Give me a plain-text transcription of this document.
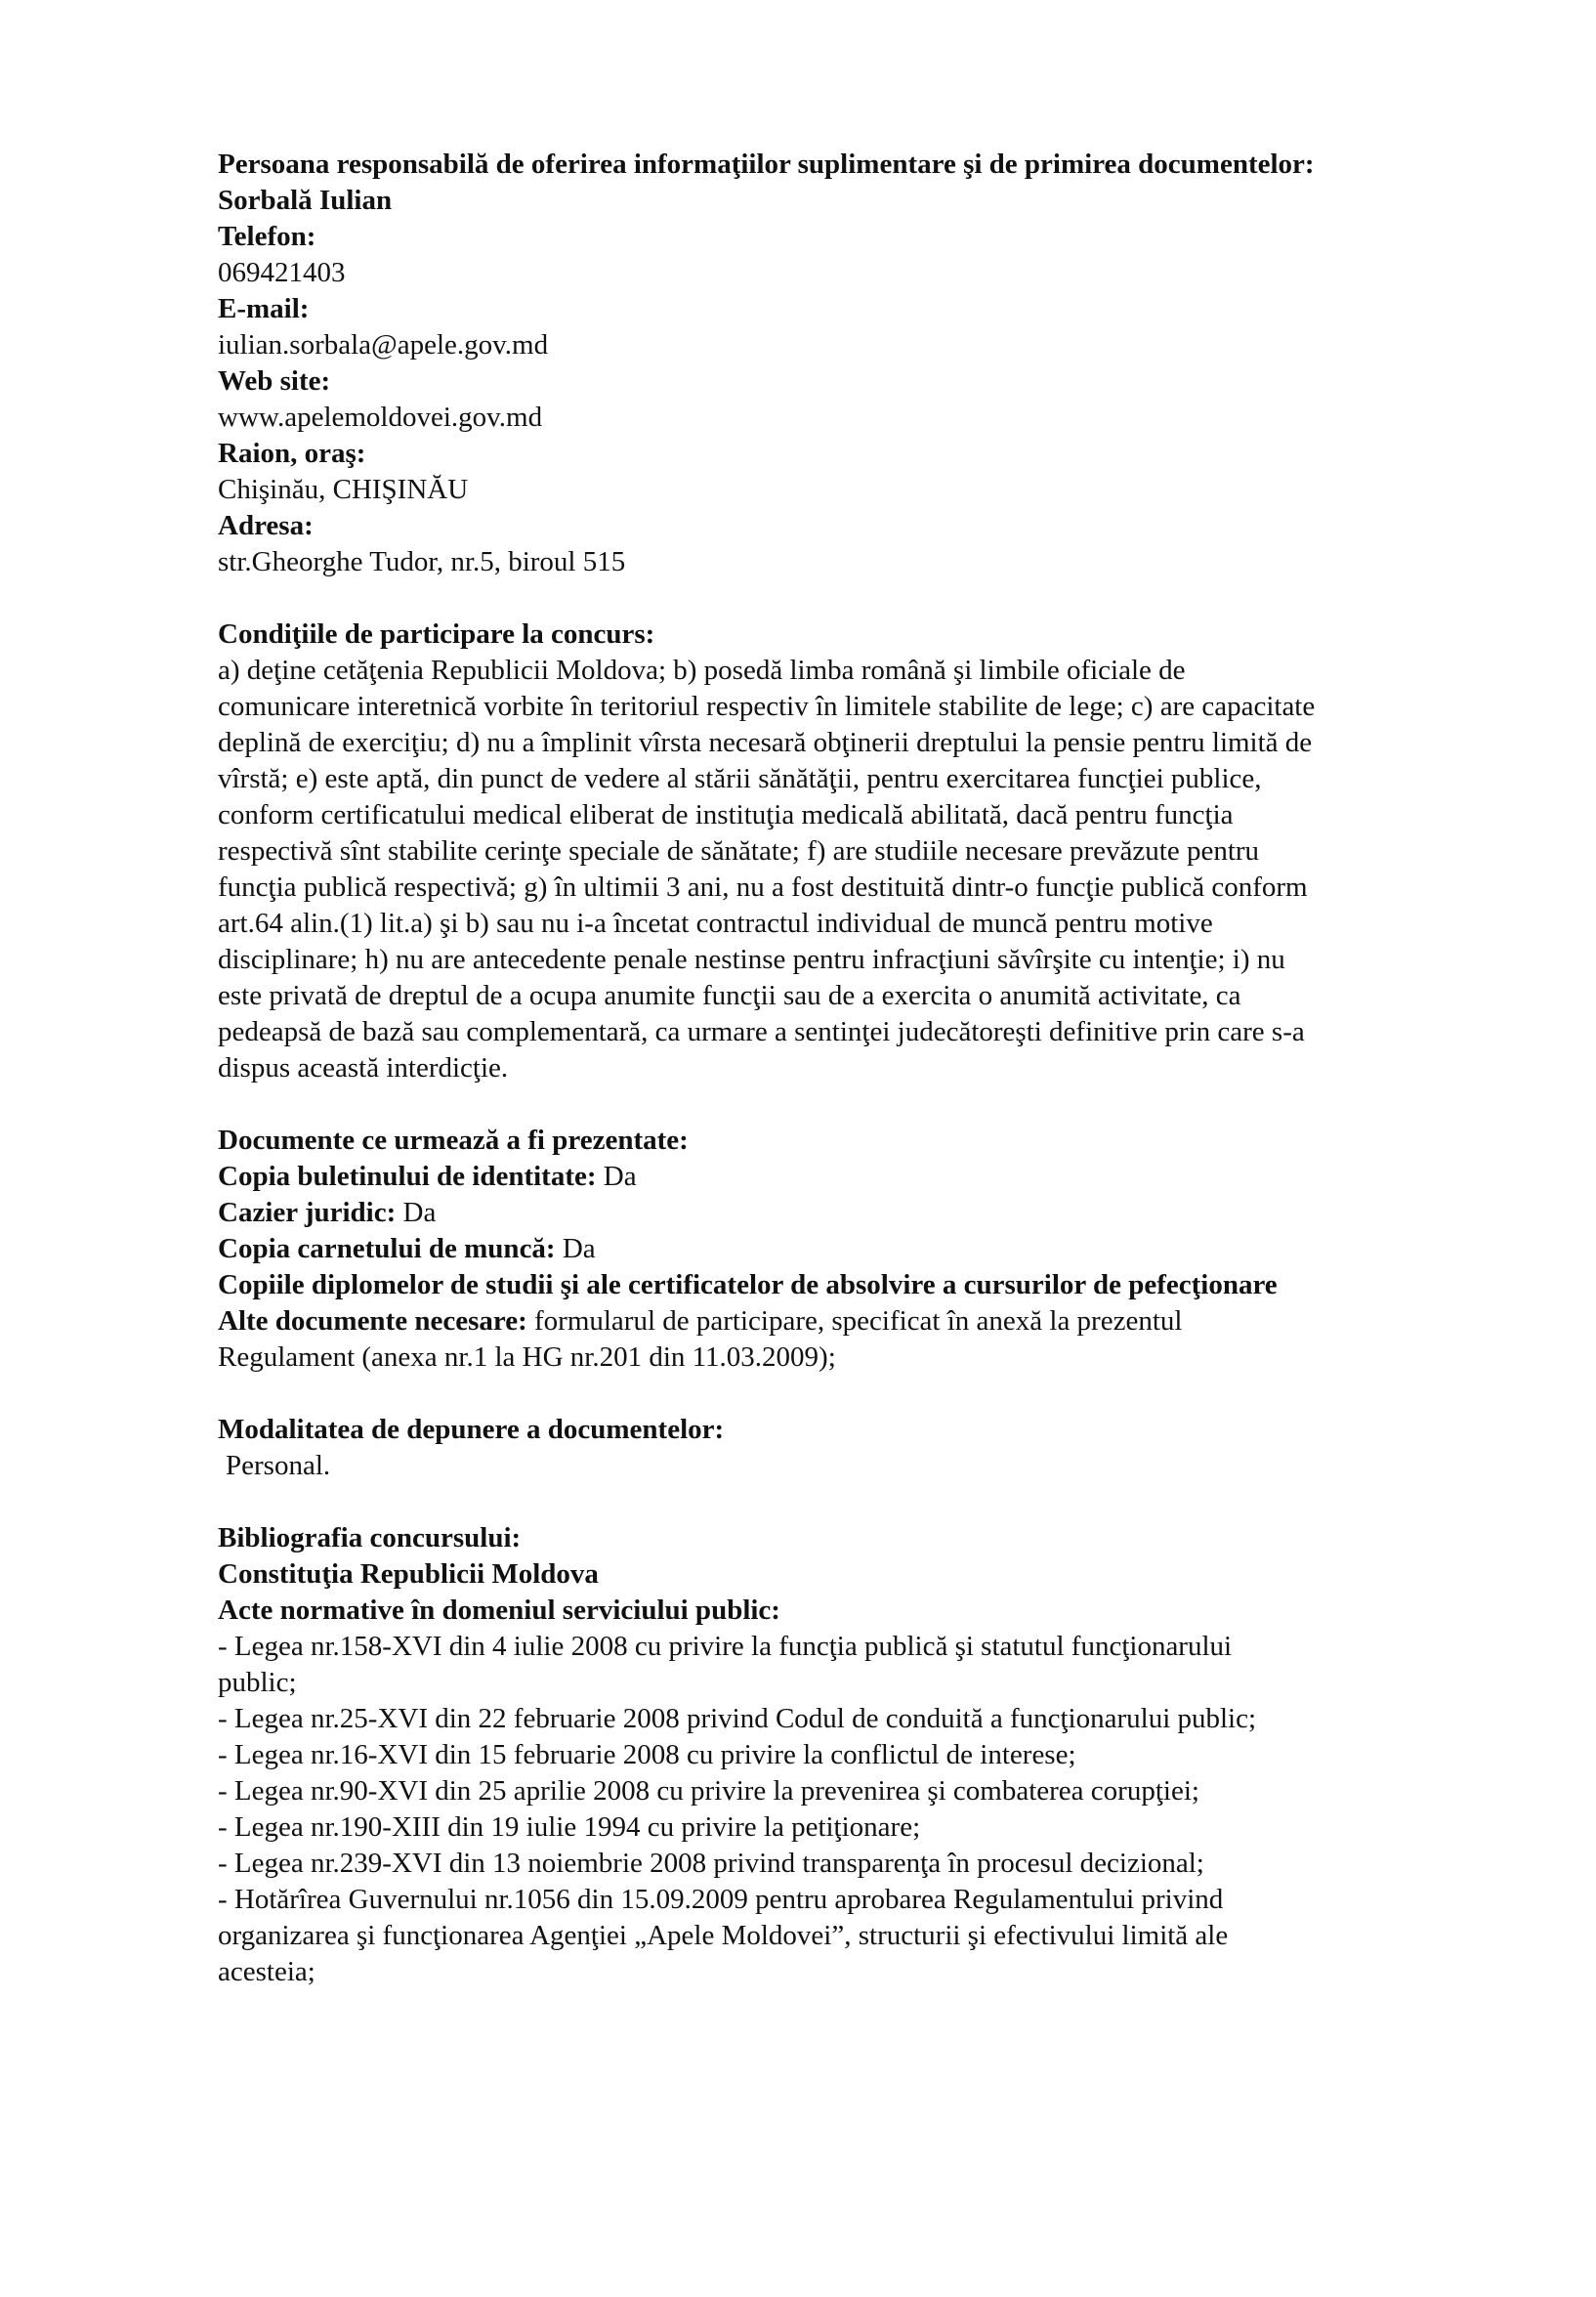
Persoana responsabilă de oferirea informaţiilor suplimentare şi de primirea documentelor:
Sorbală Iulian
Telefon:
069421403
E-mail:
iulian.sorbala@apele.gov.md
Web site:
www.apelemoldovei.gov.md
Raion, oraş:
Chişinău, CHIŞINĂU
Adresa:
str.Gheorghe Tudor, nr.5, biroul 515
Condiţiile de participare la concurs:
a) deţine cetăţenia Republicii Moldova; b) posedă limba română şi limbile oficiale de
comunicare interetnică vorbite în teritoriul respectiv în limitele stabilite de lege; c) are capacitate
deplină de exerciţiu; d) nu a împlinit vîrsta necesară obţinerii dreptului la pensie pentru limită de
vîrstă; e) este aptă, din punct de vedere al stării sănătăţii, pentru exercitarea funcţiei publice,
conform certificatului medical eliberat de instituţia medicală abilitată, dacă pentru funcţia
respectivă sînt stabilite cerinţe speciale de sănătate; f) are studiile necesare prevăzute pentru
funcţia publică respectivă; g) în ultimii 3 ani, nu a fost destituită dintr-o funcţie publică conform
art.64 alin.(1) lit.a) şi b) sau nu i-a încetat contractul individual de muncă pentru motive
disciplinare; h) nu are antecedente penale nestinse pentru infracţiuni săvîrşite cu intenţie; i) nu
este privată de dreptul de a ocupa anumite funcţii sau de a exercita o anumită activitate, ca
pedeapsă de bază sau complementară, ca urmare a sentinţei judecătoreşti definitive prin care s-a
dispus această interdicţie.
Documente ce urmează a fi prezentate:
Copia buletinului de identitate: Da
Cazier juridic: Da
Copia carnetului de muncă: Da
Copiile diplomelor de studii şi ale certificatelor de absolvire a cursurilor de pefecţionare
Alte documente necesare: formularul de participare, specificat în anexă la prezentul
Regulament (anexa nr.1 la HG nr.201 din 11.03.2009);
Modalitatea de depunere a documentelor:
Personal.
Bibliografia concursului:
Constituţia Republicii Moldova
Acte normative în domeniul serviciului public:
- Legea nr.158-XVI din 4 iulie 2008 cu privire la funcţia publică şi statutul funcţionarului
public;
- Legea nr.25-XVI din 22 februarie 2008 privind Codul de conduită a funcţionarului public;
- Legea nr.16-XVI din 15 februarie 2008 cu privire la conflictul de interese;
- Legea nr.90-XVI din 25 aprilie 2008 cu privire la prevenirea şi combaterea corupţiei;
- Legea nr.190-XIII din 19 iulie 1994 cu privire la petiţionare;
- Legea nr.239-XVI din 13 noiembrie 2008 privind transparenţa în procesul decizional;
- Hotărîrea Guvernului nr.1056 din 15.09.2009 pentru aprobarea Regulamentului privind
organizarea şi funcţionarea Agenţiei „Apele Moldovei”, structurii şi efectivului limită ale
acesteia;
